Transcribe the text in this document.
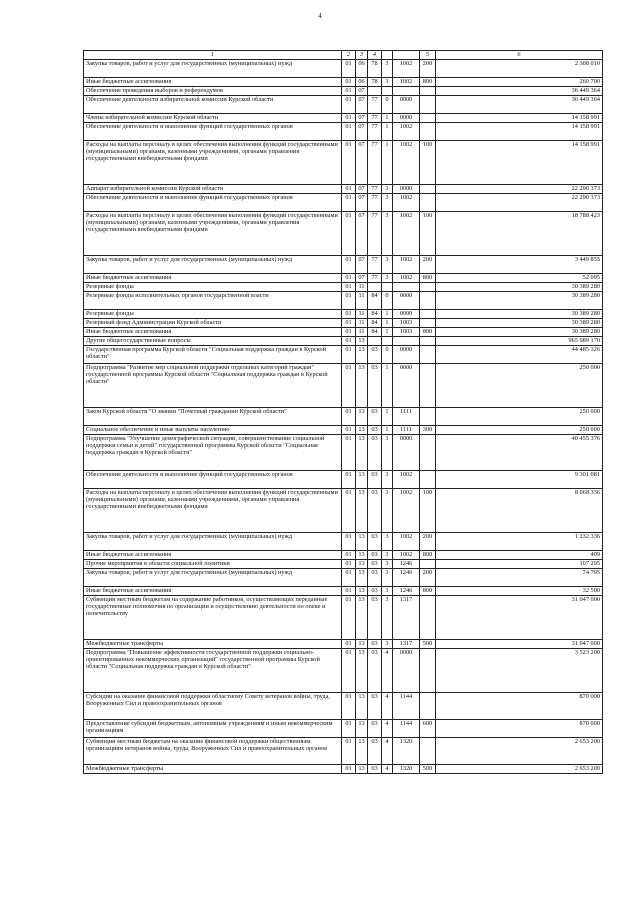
4
1	2	3	4			5	6
Закупка товаров, работ и услуг для государственных (муниципальных) нужд	01	06	78	3	1002	200	2 308 010
Иные бюджетные ассигнования	01	06	78	3	1002	800	260 700
Обеспечение проведения выборов и референдумов	01	07					36 449 364
Обеспечение деятельности избирательной комиссии Курской области	01	07	77	0	0000		36 449 364
Члены избирательной комиссии Курской области	01	07	77	1	0000		14 158 991
Обеспечение деятельности и выполнение функций государственных органов	01	07	77	1	1002		14 158 991
Расходы на выплаты персоналу в целях обеспечения выполнения функций государственными (муниципальными) органами, казенными учреждениями, органами управления государственными внебюджетными фондами	01	07	77	1	1002	100	14 158 991
Аппарат избирательной комиссии Курской области	01	07	77	3	0000		22 290 373
Обеспечение деятельности и выполнение функций государственных органов	01	07	77	3	1002		22 290 373
Расходы на выплаты персоналу в целях обеспечения выполнения функций государственными (муниципальными) органами, казенными учреждениями, органами управления государственными внебюджетными фондами	01	07	77	3	1002	100	18 788 423
Закупка товаров, работ и услуг для государственных (муниципальных) нужд	01	07	77	3	1002	200	3 449 855
Иные бюджетные ассигнования	01	07	77	3	1002	800	52 095
Резервные фонды	01	11					30 389 280
Резервные фонды исполнительных органов государственной власти	01	11	84	0	0000		30 389 280
Резервные фонды	01	11	84	1	0000		30 389 280
Резервный фонд Администрации Курской области	01	11	84	1	1003		30 389 280
Иные бюджетные ассигнования	01	11	84	1	1003	800	30 389 280
Другие общегосударственные вопросы	01	13					965 989 170
Государственная программа Курской области "Социальная поддержка граждан в Курской области"	01	13	03	0	0000		44 485 326
Подпрограмма "Развитие мер социальной поддержки отдельных категорий граждан" государственной программы Курской области "Социальная поддержка граждан в Курской области"	01	13	03	1	0000		250 000
Закон Курской области "О звании "Почетный гражданин Курской области"	01	13	03	1	1111		250 000
Социальное обеспечение и иные выплаты населению	01	13	03	1	1111	300	250 000
Подпрограмма "Улучшение демографической ситуации, совершенствование социальной поддержки семьи и детей" государственной программы Курской области "Социальная поддержка граждан в Курской области"	01	13	03	3	0000		40 455 376
Обеспечение деятельности и выполнение функций государственных органов	01	13	03	3	1002		9 301 081
Расходы на выплаты персоналу в целях обеспечения выполнения функций государственными (муниципальными) органами, казенными учреждениями, органами управления государственными внебюджетными фондами	01	13	03	3	1002	100	8 068 336
Закупка товаров, работ и услуг для государственных (муниципальных) нужд	01	13	03	3	1002	200	1 232 336
Иные бюджетные ассигнования	01	13	03	3	1002	800	409
Прочие мероприятия в области социальной политики	01	13	03	3	1246		107 295
Закупка товаров, работ и услуг для государственных (муниципальных) нужд	01	13	03	3	1246	200	74 795
Иные бюджетные ассигнования	01	13	03	3	1246	800	32 500
Субвенции местным бюджетам на содержание работников, осуществляющих переданные государственные полномочия по организации и осуществлению деятельности по опеке и попечительству	01	13	03	3	1317		31 047 000
Межбюджетные трансферты	01	13	03	3	1317	500	31 047 000
Подпрограмма "Повышение эффективности государственной поддержки социально-ориентированных некоммерческих организаций" государственной программы Курской области "Социальная поддержка граждан в Курской области"	01	13	03	4	0000		3 523 200
Субсидии на оказание финансовой поддержки областному Совету ветеранов войны, труда, Вооруженных Сил и правоохранительных органов	01	13	03	4	1144		870 000
Предоставление субсидий бюджетным, автономным учреждениям и иным некоммерческим организациям	01	13	03	4	1144	600	870 000
Субвенции местным бюджетам на оказание финансовой поддержки общественным организациям ветеранов войны, труда, Вооруженных Сил и правоохранительных органов	01	13	03	4	1320		2 653 200
Межбюджетные трансферты	01	13	03	4	1320	500	2 653 200
